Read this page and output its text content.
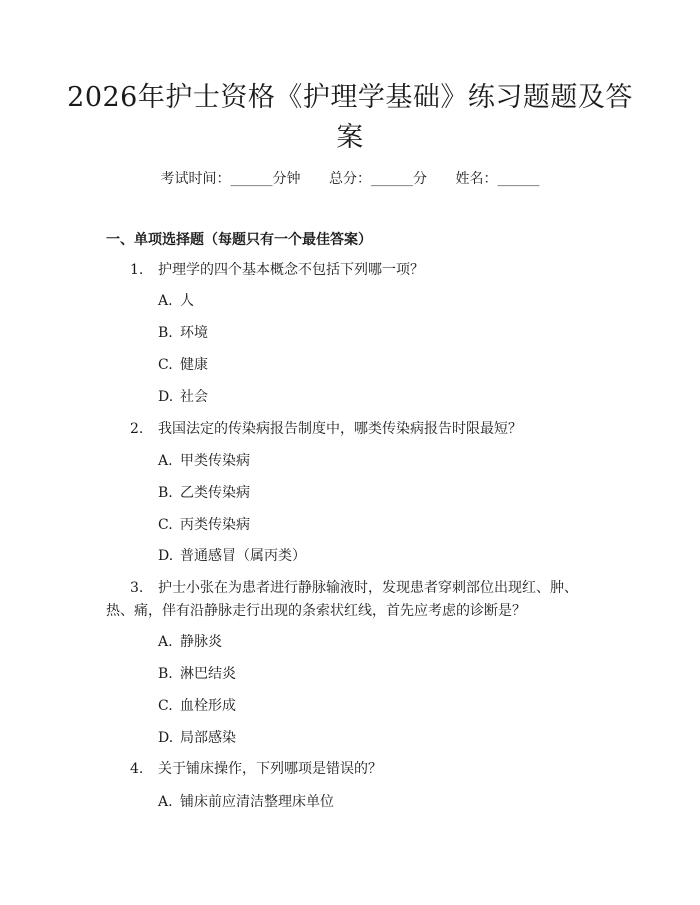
2026年护士资格《护理学基础》练习题题及答案
考试时间：______分钟 总分：______分 姓名：______
一、单项选择题（每题只有一个最佳答案）

1. 护理学的四个基本概念不包括下列哪一项？

A. 人
B. 环境
C. 健康
D. 社会

2. 我国法定的传染病报告制度中，哪类传染病报告时限最短？

A. 甲类传染病
B. 乙类传染病
C. 丙类传染病
D. 普通感冒（属丙类）

3. 护士小张在为患者进行静脉输液时，发现患者穿刺部位出现红、肿、热、痛，伴有沿静脉走行出现的条索状红线，首先应考虑的诊断是？

A. 静脉炎
B. 淋巴结炎
C. 血栓形成
D. 局部感染

4. 关于铺床操作，下列哪项是错误的？

A. 铺床前应清洁整理床单位
